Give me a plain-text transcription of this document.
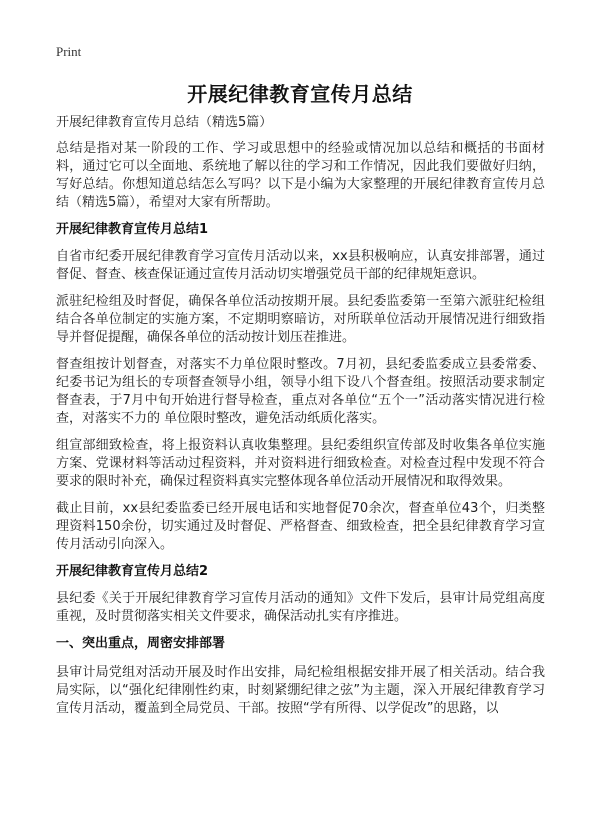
Print
开展纪律教育宣传月总结

开展纪律教育宣传月总结（精选5篇）

总结是指对某一阶段的工作、学习或思想中的经验或情况加以总结和概括的书面材料，通过它可以全面地、系统地了解以往的学习和工作情况，因此我们要做好归纳，写好总结。你想知道总结怎么写吗？以下是小编为大家整理的开展纪律教育宣传月总结（精选5篇），希望对大家有所帮助。

开展纪律教育宣传月总结1

自省市纪委开展纪律教育学习宣传月活动以来，xx县积极响应，认真安排部署，通过督促、督查、核查保证通过宣传月活动切实增强党员干部的纪律规矩意识。

派驻纪检组及时督促，确保各单位活动按期开展。县纪委监委第一至第六派驻纪检组结合各单位制定的实施方案，不定期明察暗访，对所联单位活动开展情况进行细致指导并督促提醒，确保各单位的活动按计划压茬推进。

督查组按计划督查，对落实不力单位限时整改。7月初，县纪委监委成立县委常委、纪委书记为组长的专项督查领导小组，领导小组下设八个督查组。按照活动要求制定督查表，于7月中旬开始进行督导检查，重点对各单位“五个一”活动落实情况进行检查，对落实不力的 单位限时整改，避免活动纸质化落实。

组宣部细致检查，将上报资料认真收集整理。县纪委组织宣传部及时收集各单位实施方案、党课材料等活动过程资料，并对资料进行细致检查。对检查过程中发现不符合要求的限时补充，确保过程资料真实完整体现各单位活动开展情况和取得效果。

截止目前，xx县纪委监委已经开展电话和实地督促70余次，督查单位43个，归类整理资料150余份，切实通过及时督促、严格督查、细致检查，把全县纪律教育学习宣传月活动引向深入。

开展纪律教育宣传月总结2

县纪委《关于开展纪律教育学习宣传月活动的通知》文件下发后，县审计局党组高度重视，及时贯彻落实相关文件要求，确保活动扎实有序推进。

一、突出重点，周密安排部署

县审计局党组对活动开展及时作出安排，局纪检组根据安排开展了相关活动。结合我局实际，以“强化纪律刚性约束，时刻紧绷纪律之弦”为主题，深入开展纪律教育学习宣传月活动，覆盖到全局党员、干部。按照“学有所得、以学促改”的思路，以
